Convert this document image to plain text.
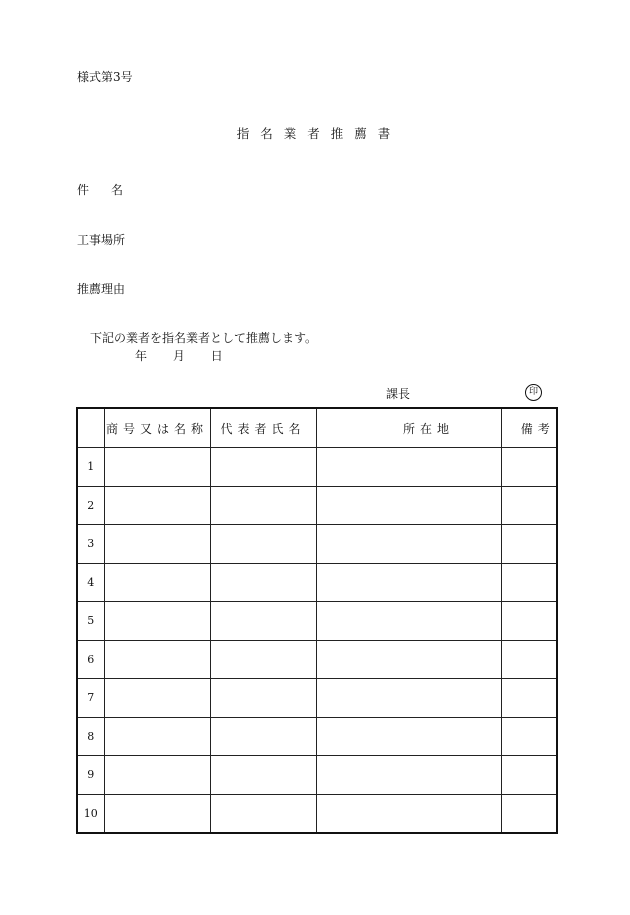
様式第3号
指名業者推薦書
件名
工事場所
推薦理由
下記の業者を指名業者として推薦します。
年 月 日
課長	印
	商号又は名称	代表者氏名	所在地	備考
1				
2				
3				
4				
5				
6				
7				
8				
9				
10				
